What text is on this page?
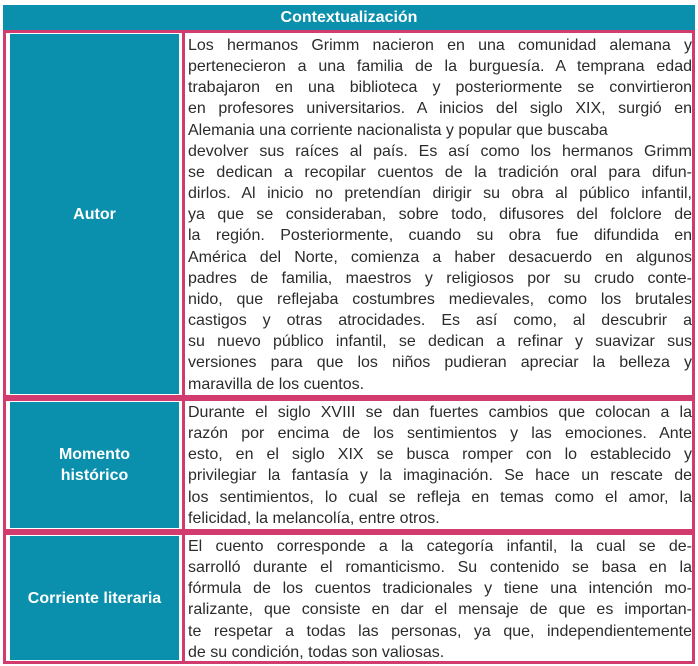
Contextualización
Autor
Los hermanos Grimm nacieron en una comunidad alemana y
pertenecieron a una familia de la burguesía. A temprana edad
trabajaron en una biblioteca y posteriormente se convirtieron
en profesores universitarios. A inicios del siglo XIX, surgió en
Alemania una corriente nacionalista y popular que buscaba
devolver sus raíces al país. Es así como los hermanos Grimm
se dedican a recopilar cuentos de la tradición oral para difun-
dirlos. Al inicio no pretendían dirigir su obra al público infantil,
ya que se consideraban, sobre todo, difusores del folclore de
la región. Posteriormente, cuando su obra fue difundida en
América del Norte, comienza a haber desacuerdo en algunos
padres de familia, maestros y religiosos por su crudo conte-
nido, que reflejaba costumbres medievales, como los brutales
castigos y otras atrocidades. Es así como, al descubrir a
su nuevo público infantil, se dedican a refinar y suavizar sus
versiones para que los niños pudieran apreciar la belleza y
maravilla de los cuentos.
Momento
histórico
Durante el siglo XVIII se dan fuertes cambios que colocan a la
razón por encima de los sentimientos y las emociones. Ante
esto, en el siglo XIX se busca romper con lo establecido y
privilegiar la fantasía y la imaginación. Se hace un rescate de
los sentimientos, lo cual se refleja en temas como el amor, la
felicidad, la melancolía, entre otros.
Corriente literaria
El cuento corresponde a la categoría infantil, la cual se de-
sarrolló durante el romanticismo. Su contenido se basa en la
fórmula de los cuentos tradicionales y tiene una intención mo-
ralizante, que consiste en dar el mensaje de que es importan-
te respetar a todas las personas, ya que, independientemente
de su condición, todas son valiosas.
